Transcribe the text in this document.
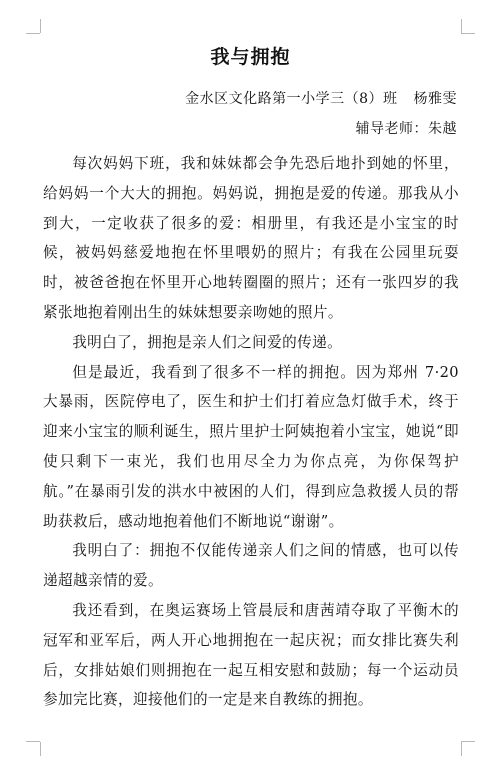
我与拥抱
金水区文化路第一小学三（8）班 杨雅雯
辅导老师：朱越

每次妈妈下班，我和妹妹都会争先恐后地扑到她的怀里，给妈妈一个大大的拥抱。妈妈说，拥抱是爱的传递。那我从小到大，一定收获了很多的爱：相册里，有我还是小宝宝的时候，被妈妈慈爱地抱在怀里喂奶的照片；有我在公园里玩耍时，被爸爸抱在怀里开心地转圈圈的照片；还有一张四岁的我紧张地抱着刚出生的妹妹想要亲吻她的照片。

我明白了，拥抱是亲人们之间爱的传递。

但是最近，我看到了很多不一样的拥抱。因为郑州 7·20 大暴雨，医院停电了，医生和护士们打着应急灯做手术，终于迎来小宝宝的顺利诞生，照片里护士阿姨抱着小宝宝，她说“即使只剩下一束光，我们也用尽全力为你点亮，为你保驾护航。”在暴雨引发的洪水中被困的人们，得到应急救援人员的帮助获救后，感动地抱着他们不断地说“谢谢”。

我明白了：拥抱不仅能传递亲人们之间的情感，也可以传递超越亲情的爱。

我还看到，在奥运赛场上管晨辰和唐茜靖夺取了平衡木的冠军和亚军后，两人开心地拥抱在一起庆祝；而女排比赛失利后，女排姑娘们则拥抱在一起互相安慰和鼓励；每一个运动员参加完比赛，迎接他们的一定是来自教练的拥抱。
